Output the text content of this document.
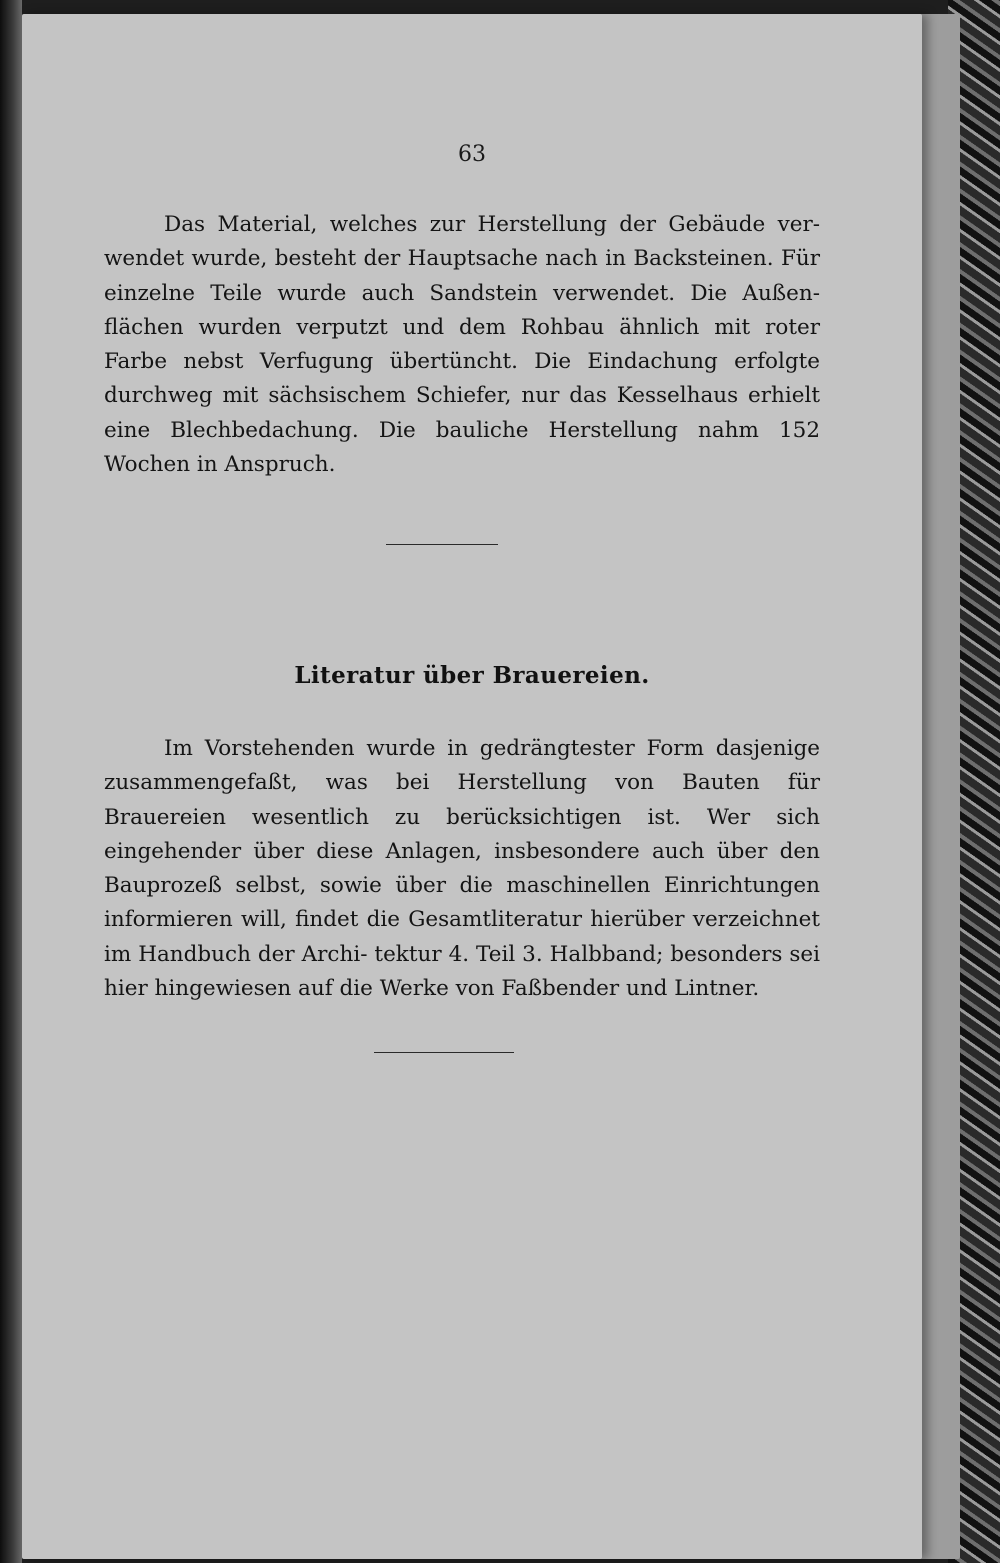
63

Das Material, welches zur Herstellung der Gebäude ver- wendet wurde, besteht der Hauptsache nach in Backsteinen. Für einzelne Teile wurde auch Sandstein verwendet. Die Außen- flächen wurden verputzt und dem Rohbau ähnlich mit roter Farbe nebst Verfugung übertüncht. Die Eindachung erfolgte durchweg mit sächsischem Schiefer, nur das Kesselhaus erhielt eine Blechbedachung. Die bauliche Herstellung nahm 152 Wochen in Anspruch.

Literatur über Brauereien.

Im Vorstehenden wurde in gedrängtester Form dasjenige zusammengefaßt, was bei Herstellung von Bauten für Brauereien wesentlich zu berücksichtigen ist. Wer sich eingehender über diese Anlagen, insbesondere auch über den Bauprozeß selbst, sowie über die maschinellen Einrichtungen informieren will, findet die Gesamtliteratur hierüber verzeichnet im Handbuch der Archi- tektur 4. Teil 3. Halbband; besonders sei hier hingewiesen auf die Werke von Faßbender und Lintner.
